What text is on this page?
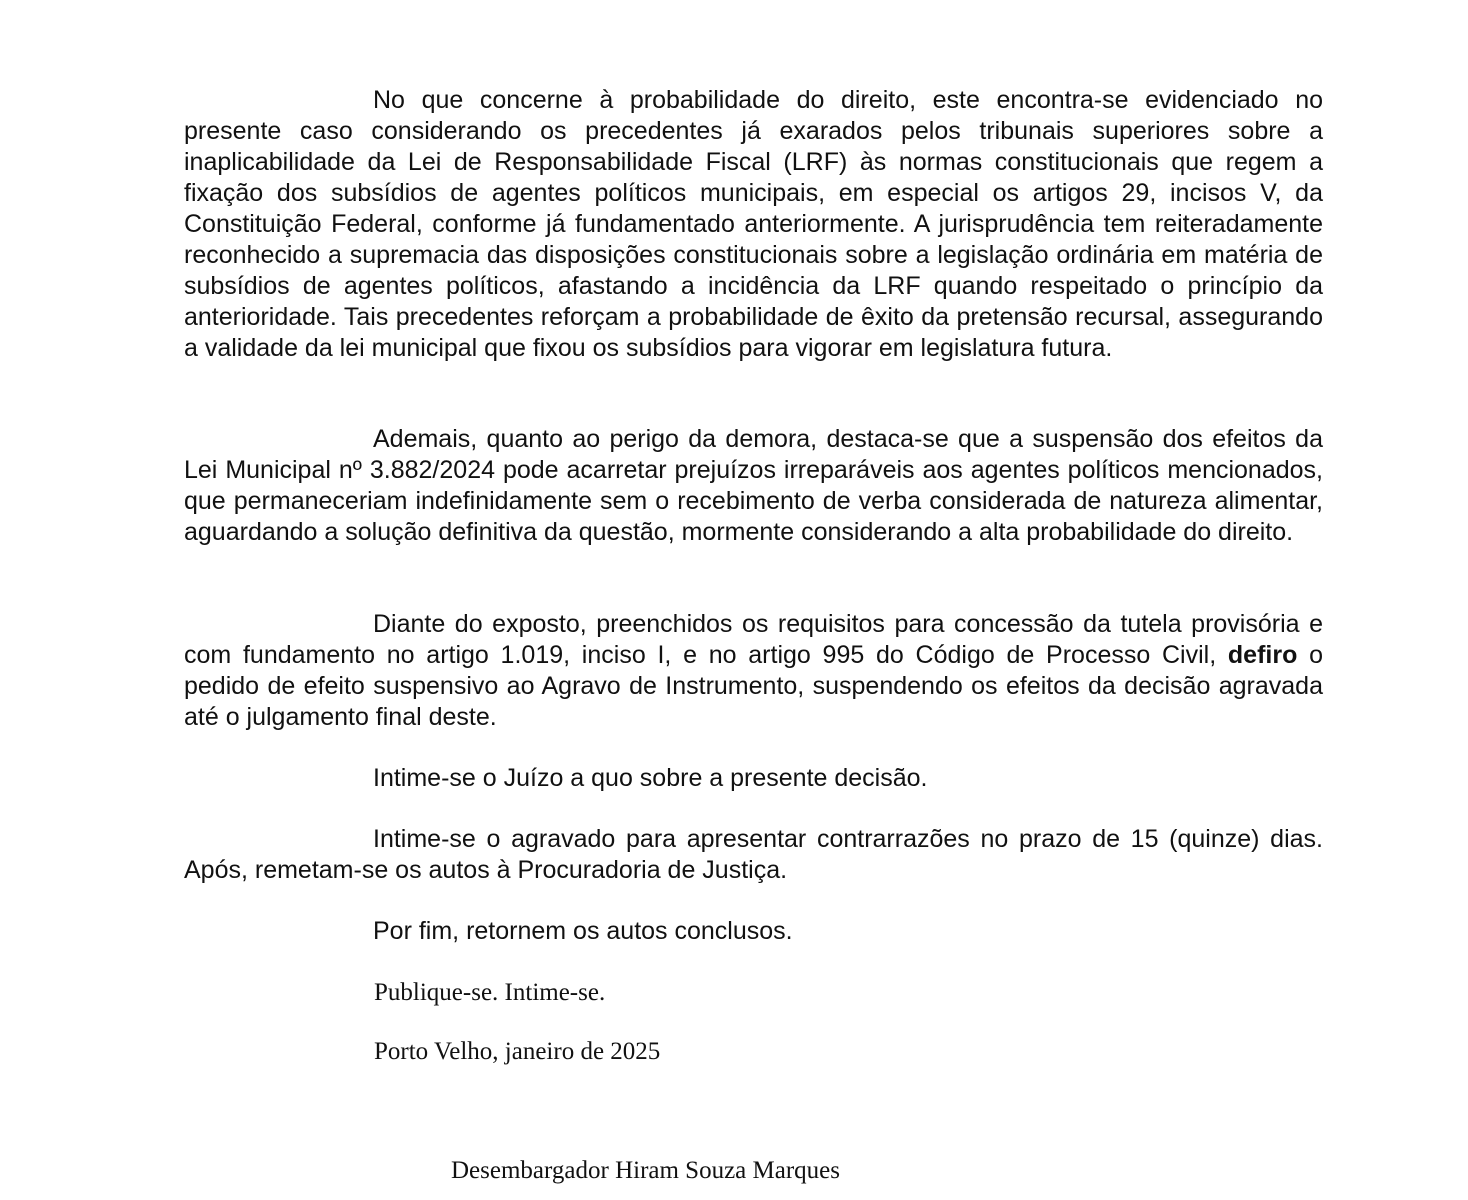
No que concerne à probabilidade do direito, este encontra-se evidenciado no presente caso considerando os precedentes já exarados pelos tribunais superiores sobre a inaplicabilidade da Lei de Responsabilidade Fiscal (LRF) às normas constitucionais que regem a fixação dos subsídios de agentes políticos municipais, em especial os artigos 29, incisos V, da Constituição Federal, conforme já fundamentado anteriormente. A jurisprudência tem reiteradamente reconhecido a supremacia das disposições constitucionais sobre a legislação ordinária em matéria de subsídios de agentes políticos, afastando a incidência da LRF quando respeitado o princípio da anterioridade. Tais precedentes reforçam a probabilidade de êxito da pretensão recursal, assegurando a validade da lei municipal que fixou os subsídios para vigorar em legislatura futura.

Ademais, quanto ao perigo da demora, destaca-se que a suspensão dos efeitos da Lei Municipal nº 3.882/2024 pode acarretar prejuízos irreparáveis aos agentes políticos mencionados, que permaneceriam indefinidamente sem o recebimento de verba considerada de natureza alimentar, aguardando a solução definitiva da questão, mormente considerando a alta probabilidade do direito.

Diante do exposto, preenchidos os requisitos para concessão da tutela provisória e com fundamento no artigo 1.019, inciso I, e no artigo 995 do Código de Processo Civil, defiro o pedido de efeito suspensivo ao Agravo de Instrumento, suspendendo os efeitos da decisão agravada até o julgamento final deste.

Intime-se o Juízo a quo sobre a presente decisão.

Intime-se o agravado para apresentar contrarrazões no prazo de 15 (quinze) dias. Após, remetam-se os autos à Procuradoria de Justiça.

Por fim, retornem os autos conclusos.

Publique-se. Intime-se.

Porto Velho, janeiro de 2025

Desembargador Hiram Souza Marques
